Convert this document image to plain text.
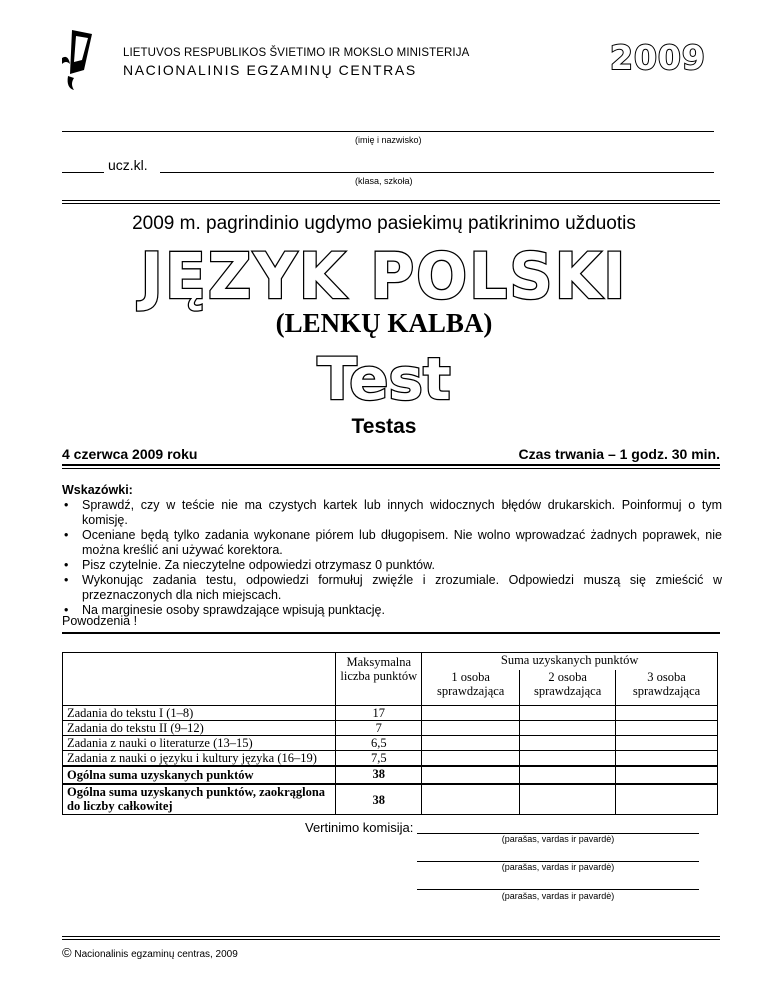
LIETUVOS RESPUBLIKOS ŠVIETIMO IR MOKSLO MINISTERIJA
NACIONALINIS EGZAMINŲ CENTRAS	2009
(imię i nazwisko)
ucz.kl.
(klasa, szkoła)
2009 m. pagrindinio ugdymo pasiekimų patikrinimo užduotis
JĘZYK POLSKI
(LENKŲ KALBA)
Test
Testas
4 czerwca 2009 roku	Czas trwania – 1 godz. 30 min.
Wskazówki:
• Sprawdź, czy w teście nie ma czystych kartek lub innych widocznych błędów drukarskich. Poinformuj o tym komisję.
• Oceniane będą tylko zadania wykonane piórem lub długopisem. Nie wolno wprowadzać żadnych poprawek, nie można kreślić ani używać korektora.
• Pisz czytelnie. Za nieczytelne odpowiedzi otrzymasz 0 punktów.
• Wykonując zadania testu, odpowiedzi formułuj zwięźle i zrozumiale. Odpowiedzi muszą się zmieścić w przeznaczonych dla nich miejscach.
• Na marginesie osoby sprawdzające wpisują punktację.
Powodzenia !
	Maksymalna liczba punktów	Suma uzyskanych punktów		
		1 osoba sprawdzająca	2 osoba sprawdzająca	3 osoba sprawdzająca
Zadania do tekstu I (1–8)	17			
Zadania do tekstu II (9–12)	7			
Zadania z nauki o literaturze (13–15)	6,5			
Zadania z nauki o języku i kultury języka (16–19)	7,5			
Ogólna suma uzyskanych punktów	38			
Ogólna suma uzyskanych punktów, zaokrąglona do liczby całkowitej	38			
Vertinimo komisija:
(parašas, vardas ir pavardė)
(parašas, vardas ir pavardė)
(parašas, vardas ir pavardė)
© Nacionalinis egzaminų centras, 2009
